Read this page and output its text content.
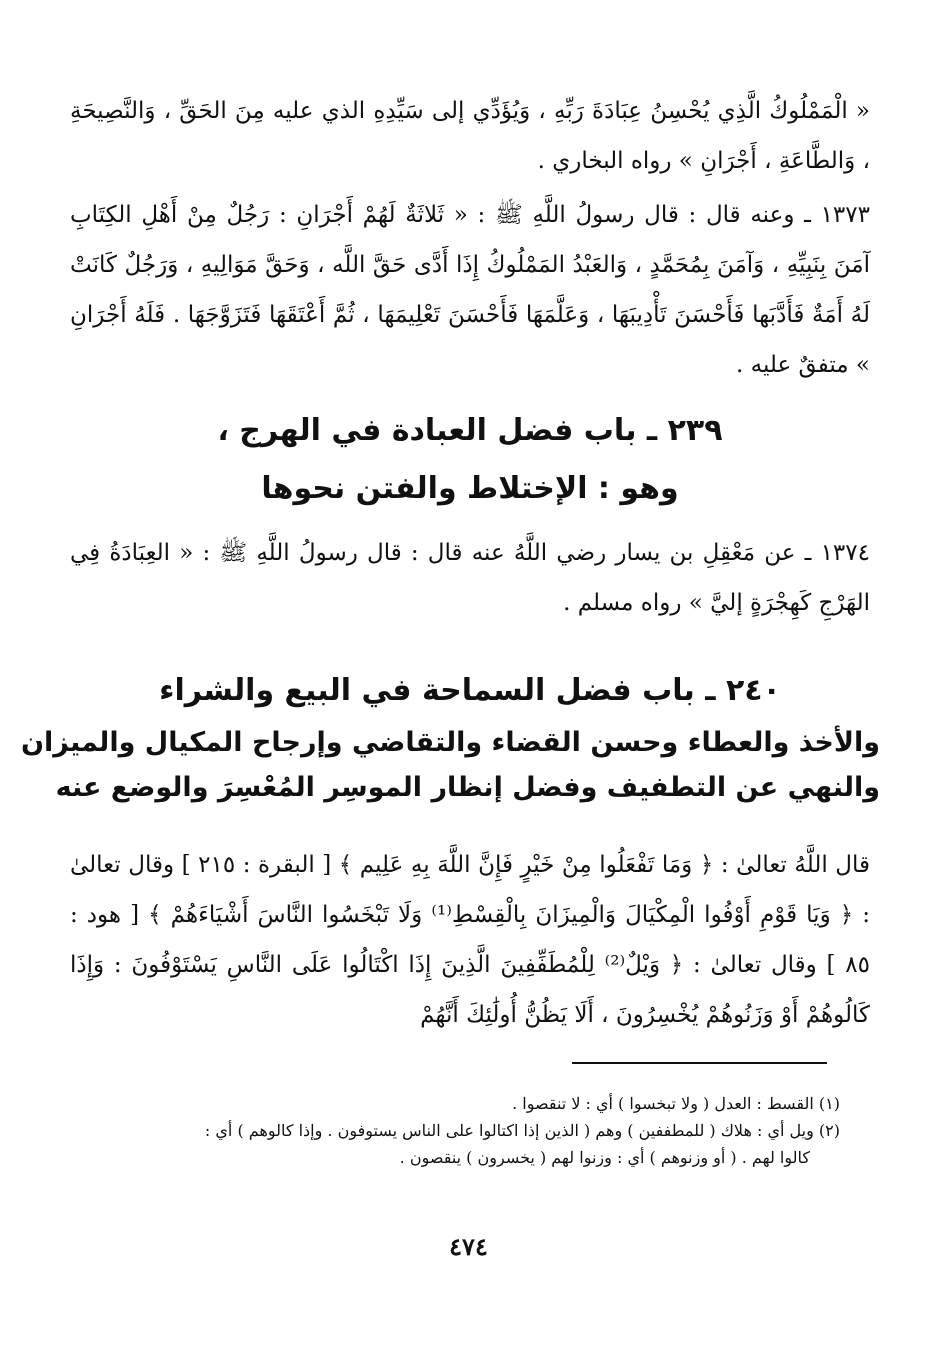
« الْمَمْلُوكُ الَّذِي يُحْسِنُ عِبَادَةَ رَبِّهِ ، وَيُؤَدِّي إلى سَيِّدِهِ الذي عليه مِنَ الحَقِّ ، وَالنَّصِيحَةِ ، وَالطَّاعَةِ ، أَجْرَانِ » رواه البخاري .

١٣٧٣ ـ وعنه قال : قال رسولُ اللَّهِ ﷺ : « ثَلاثَةٌ لَهُمْ أَجْرَانِ : رَجُلٌ مِنْ أَهْلِ الكِتَابِ آمَنَ بِنَبِيِّهِ ، وَآمَنَ بِمُحَمَّدٍ ، وَالعَبْدُ المَمْلُوكُ إِذَا أَدَّى حَقَّ اللَّه ، وَحَقَّ مَوَالِيهِ ، وَرَجُلٌ كَانَتْ لَهُ أَمَةٌ فَأَدَّبَها فَأَحْسَنَ تَأْدِيبَهَا ، وَعَلَّمَهَا فَأَحْسَنَ تَعْلِيمَهَا ، ثُمَّ أَعْتَقَهَا فَتَزَوَّجَهَا . فَلَهُ أَجْرَانِ » متفقٌ عليه .

٢٣٩ ـ باب فضل العبادة في الهرج ،
وهو : الإختلاط والفتن نحوها

١٣٧٤ ـ عن مَعْقِلِ بن يسار رضي اللَّهُ عنه قال : قال رسولُ اللَّهِ ﷺ : « العِبَادَةُ فِي الهَرْجِ كَهِجْرَةٍ إليَّ » رواه مسلم .

٢٤٠ ـ باب فضل السماحة في البيع والشراء
والأخذ والعطاء وحسن القضاء والتقاضي وإرجاح المكيال والميزان
والنهي عن التطفيف وفضل إنظار الموسِر المُعْسِرَ والوضع عنه

قال اللَّهُ تعالىٰ : ﴿ وَمَا تَفْعَلُوا مِنْ خَيْرٍ فَإِنَّ اللَّهَ بِهِ عَلِيم ﴾ [ البقرة : ٢١٥ ] وقال تعالىٰ : ﴿ وَيَا قَوْمِ أَوْفُوا الْمِكْيَالَ وَالْمِيزَانَ بِالْقِسْطِ⁽¹⁾ وَلَا تَبْخَسُوا النَّاسَ أَشْيَاءَهُمْ ﴾ [ هود : ٨٥ ] وقال تعالىٰ : ﴿ وَيْلٌ⁽²⁾ لِلْمُطَفِّفِينَ الَّذِينَ إِذَا اكْتَالُوا عَلَى النَّاسِ يَسْتَوْفُونَ : وَإِذَا كَالُوهُمْ أَوْ وَزَنُوهُمْ يُخْسِرُونَ ، أَلَا يَظُنُّ أُولَٰئِكَ أَنَّهُمْ

(١) القسط : العدل ( ولا تبخسوا ) أي : لا تنقصوا .
(٢) ويل أي : هلاك ( للمطففين ) وهم ( الذين إذا اكتالوا على الناس يستوفون . وإذا كالوهم ) أي :
كالوا لهم . ( أو وزنوهم ) أي : وزنوا لهم ( يخسرون ) ينقصون .
٤٧٤
